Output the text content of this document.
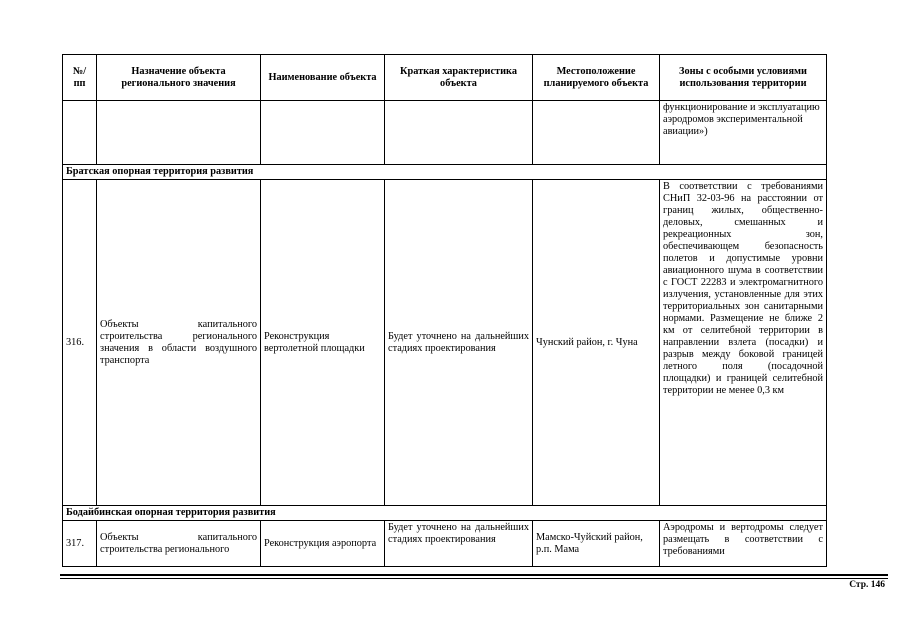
№/ пп	Назначение объекта регионального значения	Наименование объекта	Краткая характеристика объекта	Местоположение планируемого объекта	Зоны с особыми условиями использования территории
					функционирование и эксплуатацию аэродромов экспериментальной авиации»)
Братская опорная территория развития					
316.	Объекты капитального строительства регионального значения в области воздушного транспорта	Реконструкция вертолетной площадки	Будет уточнено на дальнейших стадиях проектирования	Чунский район, г. Чуна	В соответствии с требованиями СНиП 32-03-96 на расстоянии от границ жилых, общественно-деловых, смешанных и рекреационных зон, обеспечивающем безопасность полетов и допустимые уровни авиационного шума в соответствии с ГОСТ 22283 и электромагнитного излучения, установленные для этих территориальных зон санитарными нормами. Размещение не ближе 2 км от селитебной территории в направлении взлета (посадки) и разрыв между боковой границей летного поля (посадочной площадки) и границей селитебной территории не менее 0,3 км
Бодайбинская опорная территория развития					
317.	Объекты капитального строительства регионального	Реконструкция аэропорта	Будет уточнено на дальнейших стадиях проектирования	Мамско-Чуйский район, р.п. Мама	Аэродромы и вертодромы следует размещать в соответствии с требованиями
Стр. 146
